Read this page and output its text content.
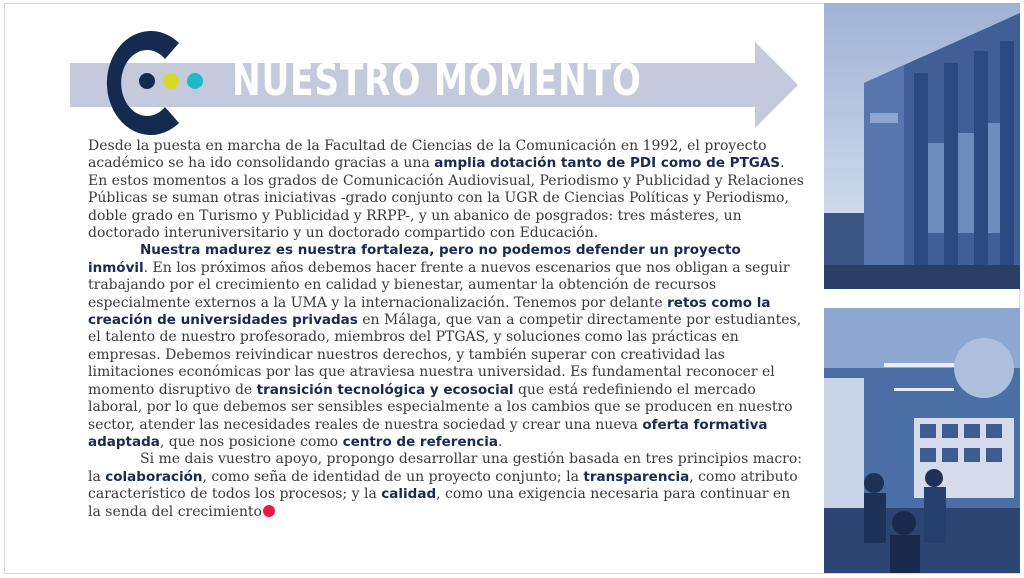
NUESTRO MOMENTO

Desde la puesta en marcha de la Facultad de Ciencias de la Comunicación en 1992, el proyecto académico se ha ido consolidando gracias a una amplia dotación tanto de PDI como de PTGAS. En estos momentos a los grados de Comunicación Audiovisual, Periodismo y Publicidad y Relaciones Públicas se suman otras iniciativas -grado conjunto con la UGR de Ciencias Políticas y Periodismo, doble grado en Turismo y Publicidad y RRPP-, y un abanico de posgrados: tres másteres, un doctorado interuniversitario y un doctorado compartido con Educación.

Nuestra madurez es nuestra fortaleza, pero no podemos defender un proyecto inmóvil. En los próximos años debemos hacer frente a nuevos escenarios que nos obligan a seguir trabajando por el crecimiento en calidad y bienestar, aumentar la obtención de recursos especialmente externos a la UMA y la internacionalización. Tenemos por delante retos como la creación de universidades privadas en Málaga, que van a competir directamente por estudiantes, el talento de nuestro profesorado, miembros del PTGAS, y soluciones como las prácticas en empresas. Debemos reivindicar nuestros derechos, y también superar con creatividad las limitaciones económicas por las que atraviesa nuestra universidad. Es fundamental reconocer el momento disruptivo de transición tecnológica y ecosocial que está redefiniendo el mercado laboral, por lo que debemos ser sensibles especialmente a los cambios que se producen en nuestro sector, atender las necesidades reales de nuestra sociedad y crear una nueva oferta formativa adaptada, que nos posicione como centro de referencia.

Si me dais vuestro apoyo, propongo desarrollar una gestión basada en tres principios macro: la colaboración, como seña de identidad de un proyecto conjunto; la transparencia, como atributo característico de todos los procesos; y la calidad, como una exigencia necesaria para continuar en la senda del crecimiento
